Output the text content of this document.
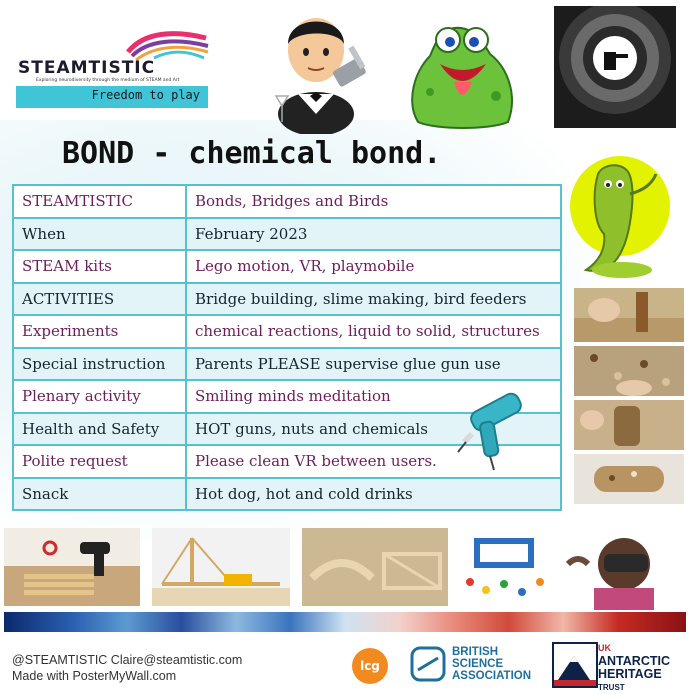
STEAMTISTIC
Exploring neurodiversity through the medium of STEAM and Art
Freedom to play
BOND - chemical bond.
STEAMTISTIC	Bonds, Bridges and Birds
When	February 2023
STEAM kits	Lego motion, VR, playmobile
ACTIVITIES	Bridge building, slime making, bird feeders
Experiments	chemical reactions, liquid to solid, structures
Special instruction	Parents PLEASE supervise glue gun use
Plenary activity	Smiling minds meditation
Health and Safety	HOT guns, nuts and chemicals
Polite request	Please clean VR between users.
Snack	Hot dog, hot and cold drinks
@STEAMTISTIC Claire@steamtistic.com
Made with PosterMyWall.com
lcg
BRITISH
SCIENCE
ASSOCIATION
UK
ANTARCTIC
HERITAGE
TRUST
